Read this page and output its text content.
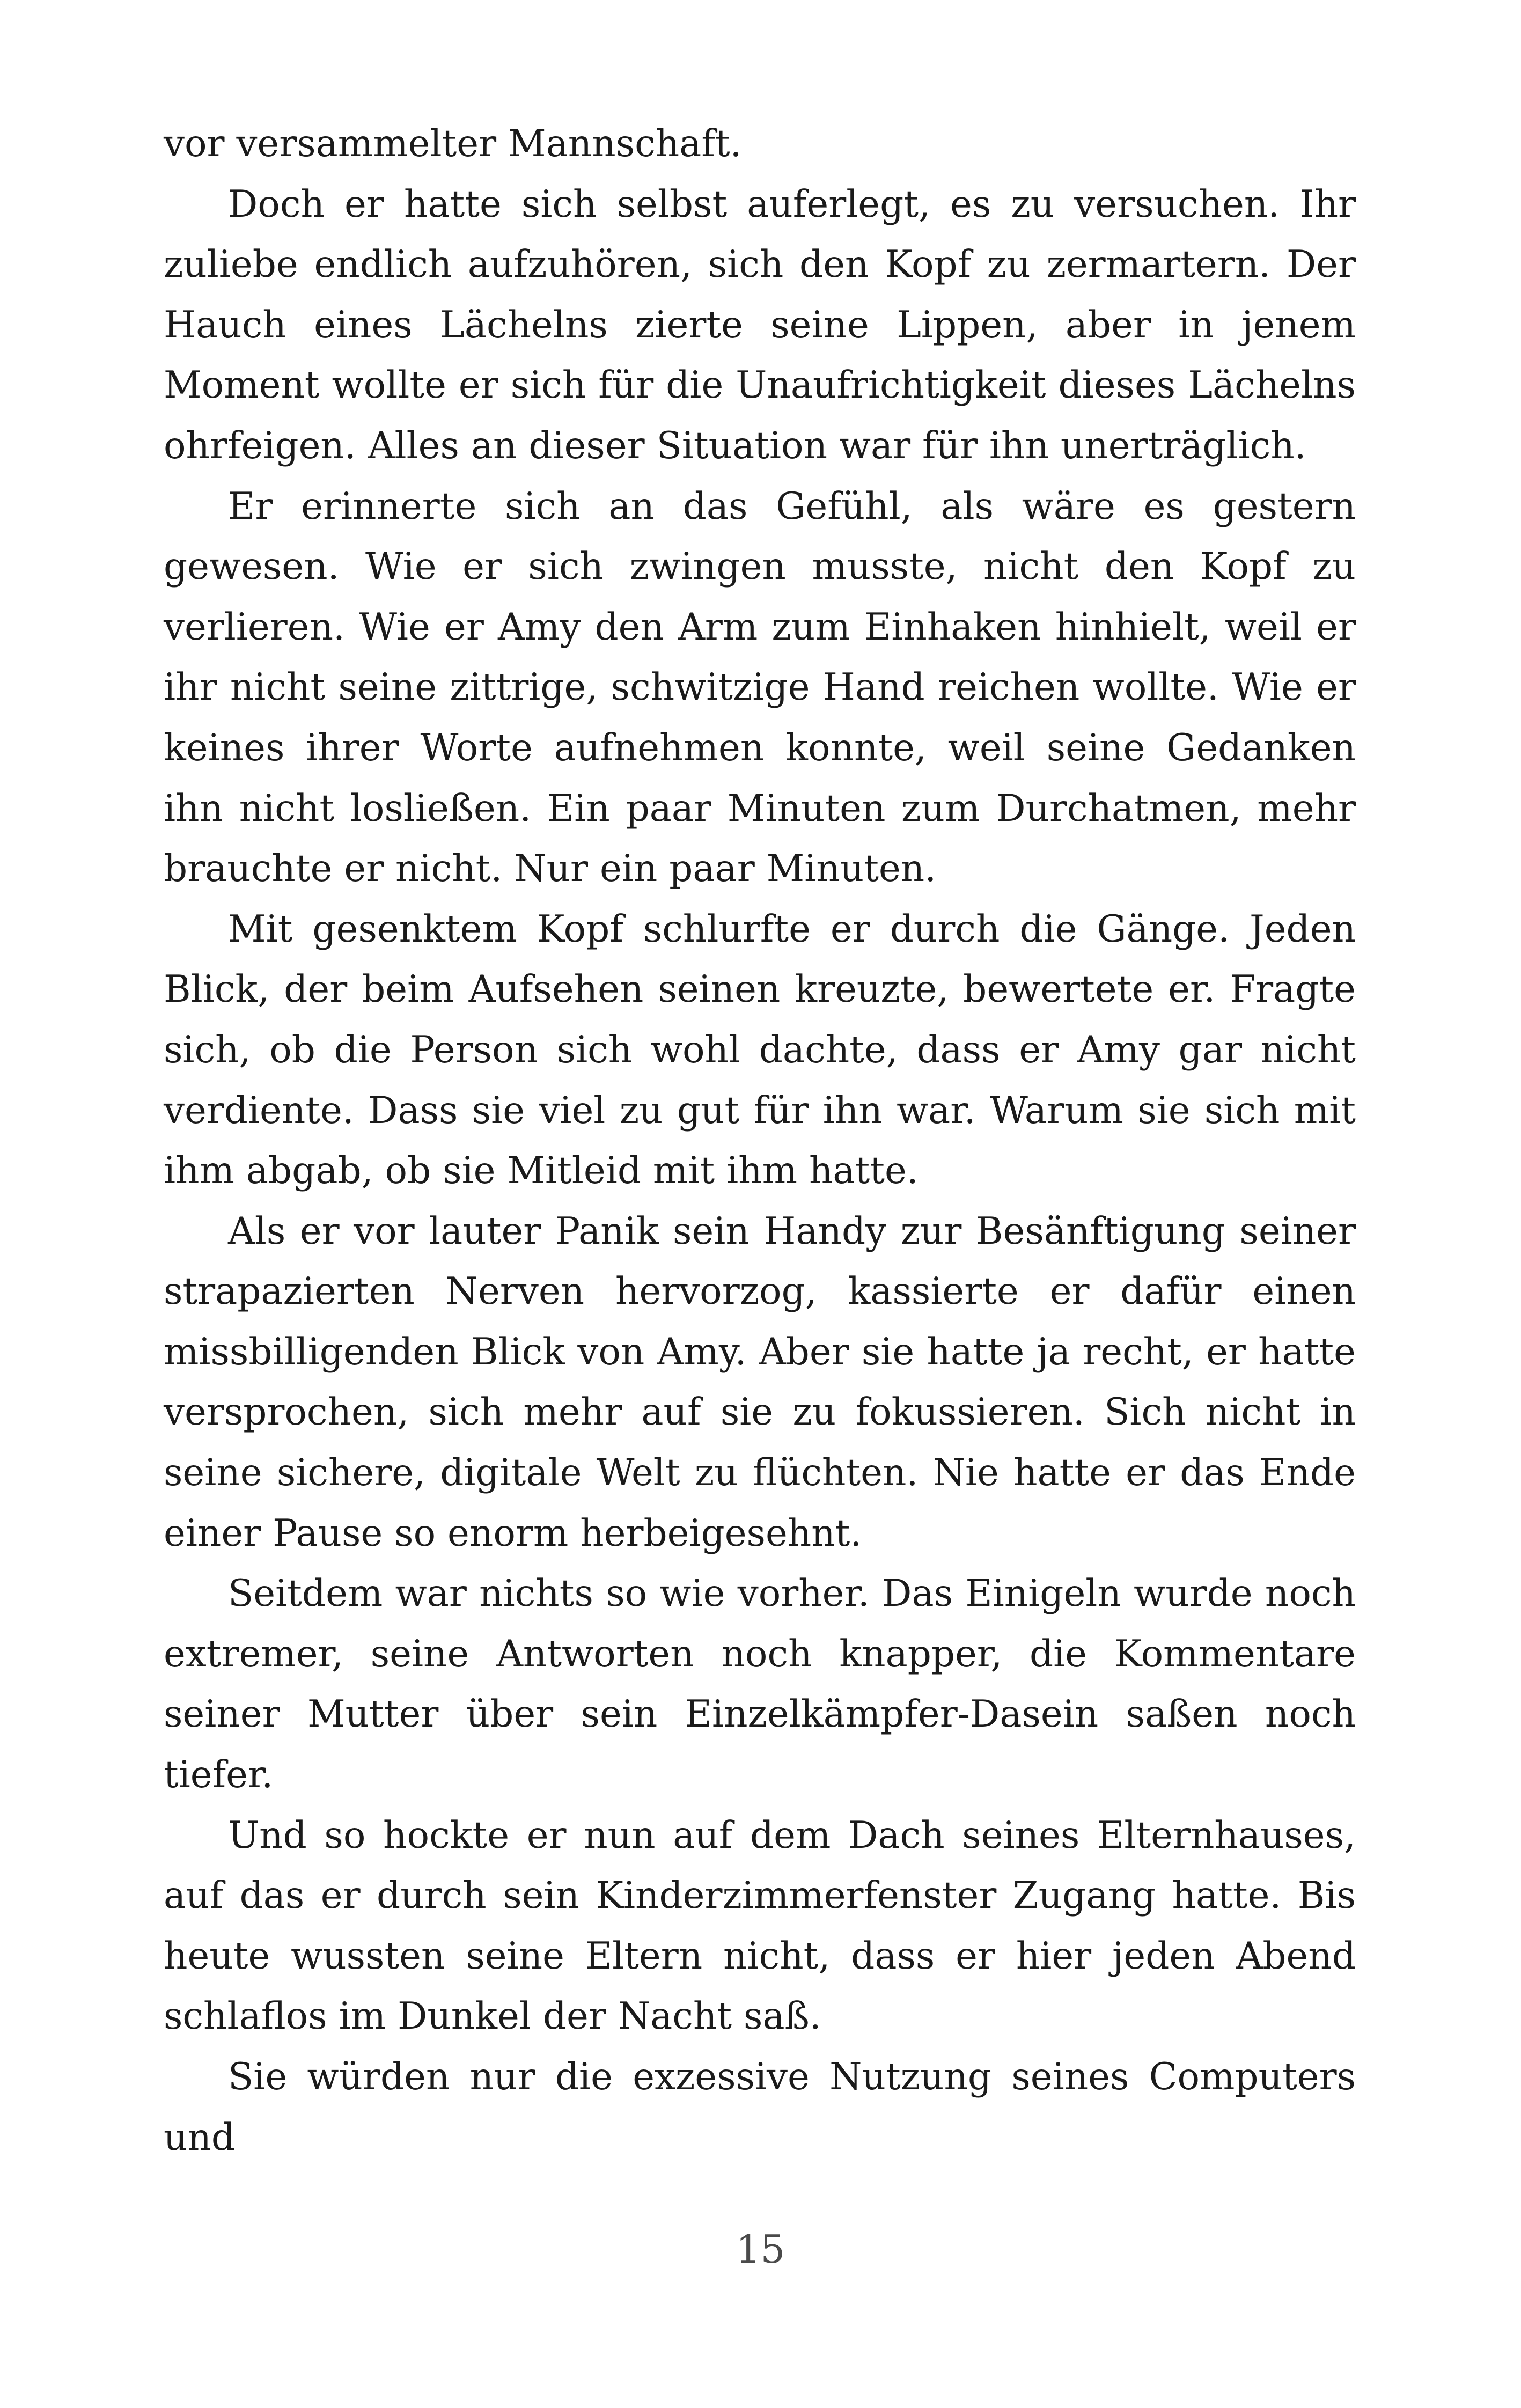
vor versammelter Mannschaft.

Doch er hatte sich selbst auferlegt, es zu versuchen. Ihr zuliebe endlich aufzuhören, sich den Kopf zu zermartern. Der Hauch eines Lächelns zierte seine Lippen, aber in jenem Moment wollte er sich für die Unaufrichtigkeit dieses Lächelns ohrfeigen. Alles an dieser Situation war für ihn unerträglich.

Er erinnerte sich an das Gefühl, als wäre es gestern gewesen. Wie er sich zwingen musste, nicht den Kopf zu verlieren. Wie er Amy den Arm zum Einhaken hinhielt, weil er ihr nicht seine zittrige, schwitzige Hand reichen wollte. Wie er keines ihrer Worte aufnehmen konnte, weil seine Gedanken ihn nicht losließen. Ein paar Minuten zum Durchatmen, mehr brauchte er nicht. Nur ein paar Minuten.

Mit gesenktem Kopf schlurfte er durch die Gänge. Jeden Blick, der beim Aufsehen seinen kreuzte, bewertete er. Fragte sich, ob die Person sich wohl dachte, dass er Amy gar nicht verdiente. Dass sie viel zu gut für ihn war. Warum sie sich mit ihm abgab, ob sie Mitleid mit ihm hatte.

Als er vor lauter Panik sein Handy zur Besänftigung seiner strapazierten Nerven hervorzog, kassierte er dafür einen missbilligenden Blick von Amy. Aber sie hatte ja recht, er hatte versprochen, sich mehr auf sie zu fokussieren. Sich nicht in seine sichere, digitale Welt zu flüchten. Nie hatte er das Ende einer Pause so enorm herbeigesehnt.

Seitdem war nichts so wie vorher. Das Einigeln wurde noch extremer, seine Antworten noch knapper, die Kommentare seiner Mutter über sein Einzelkämpfer-Dasein saßen noch tiefer.

Und so hockte er nun auf dem Dach seines Elternhauses, auf das er durch sein Kinderzimmerfenster Zugang hatte. Bis heute wussten seine Eltern nicht, dass er hier jeden Abend schlaflos im Dunkel der Nacht saß.

Sie würden nur die exzessive Nutzung seines Computers und

15
